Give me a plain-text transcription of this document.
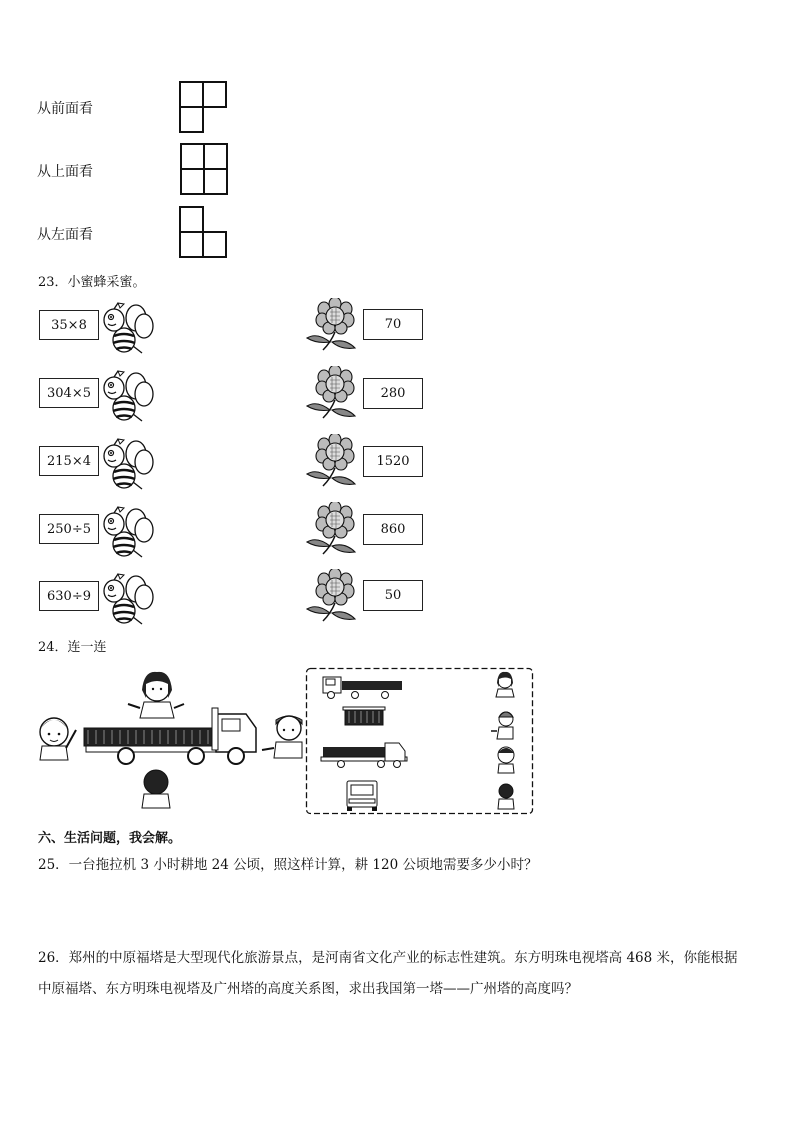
从前面看
从上面看
从左面看
23．小蜜蜂采蜜。
35×8	70
304×5	280
215×4	1520
250÷5	860
630÷9	50
24．连一连
六、生活问题，我会解。
25．一台拖拉机 3 小时耕地 24 公顷，照这样计算，耕 120 公顷地需要多少小时？
26．郑州的中原福塔是大型现代化旅游景点，是河南省文化产业的标志性建筑。东方明珠电视塔高 468 米，你能根据
中原福塔、东方明珠电视塔及广州塔的高度关系图，求出我国第一塔——广州塔的高度吗？
